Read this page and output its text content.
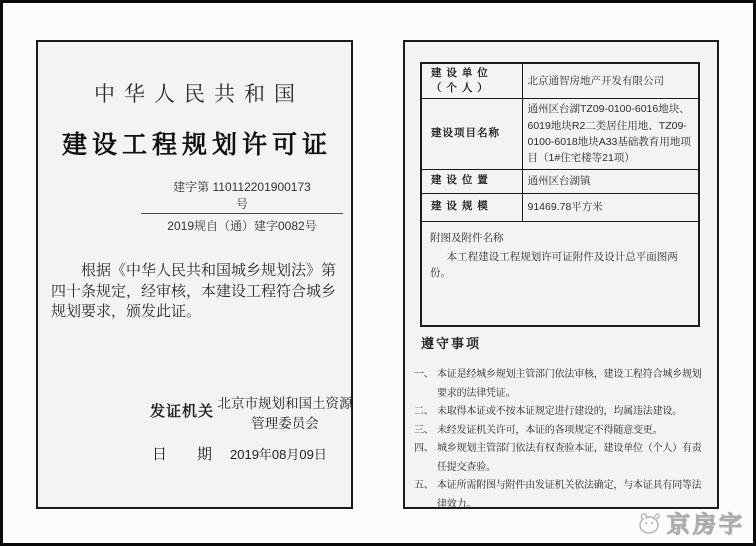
中华人民共和国
建设工程规划许可证
建字第 110112201900173
号
2019规自（通）建字0082号

根据《中华人民共和国城乡规划法》第四十条规定，经审核，本建设工程符合城乡规划要求，颁发此证。

发证机关 北京市规划和国土资源管理委员会
日　　期 2019年08月09日
建 设 单 位
（ 个 人 ）	北京通智房地产开发有限公司
建设项目名称	通州区台湖TZ09-0100-6016地块、6019地块R2二类居住用地、TZ09-0100-6018地块A33基础教育用地项目（1#住宅楼等21项）
建 设 位 置	通州区台湖镇
建 设 规 模	91469.78平方米

附图及附件名称
本工程建设工程规划许可证附件及设计总平面图两份。	
遵守事项
一、 本证是经城乡规划主管部门依法审核，建设工程符合城乡规划要求的法律凭证。
二、 未取得本证或不按本证规定进行建设的，均属违法建设。
三、 未经发证机关许可，本证的各项规定不得随意变更。
四、 城乡规划主管部门依法有权查验本证，建设单位（个人）有责任提交查验。
五、 本证所需附图与附件由发证机关依法确定，与本证具有同等法律效力。
京房字
